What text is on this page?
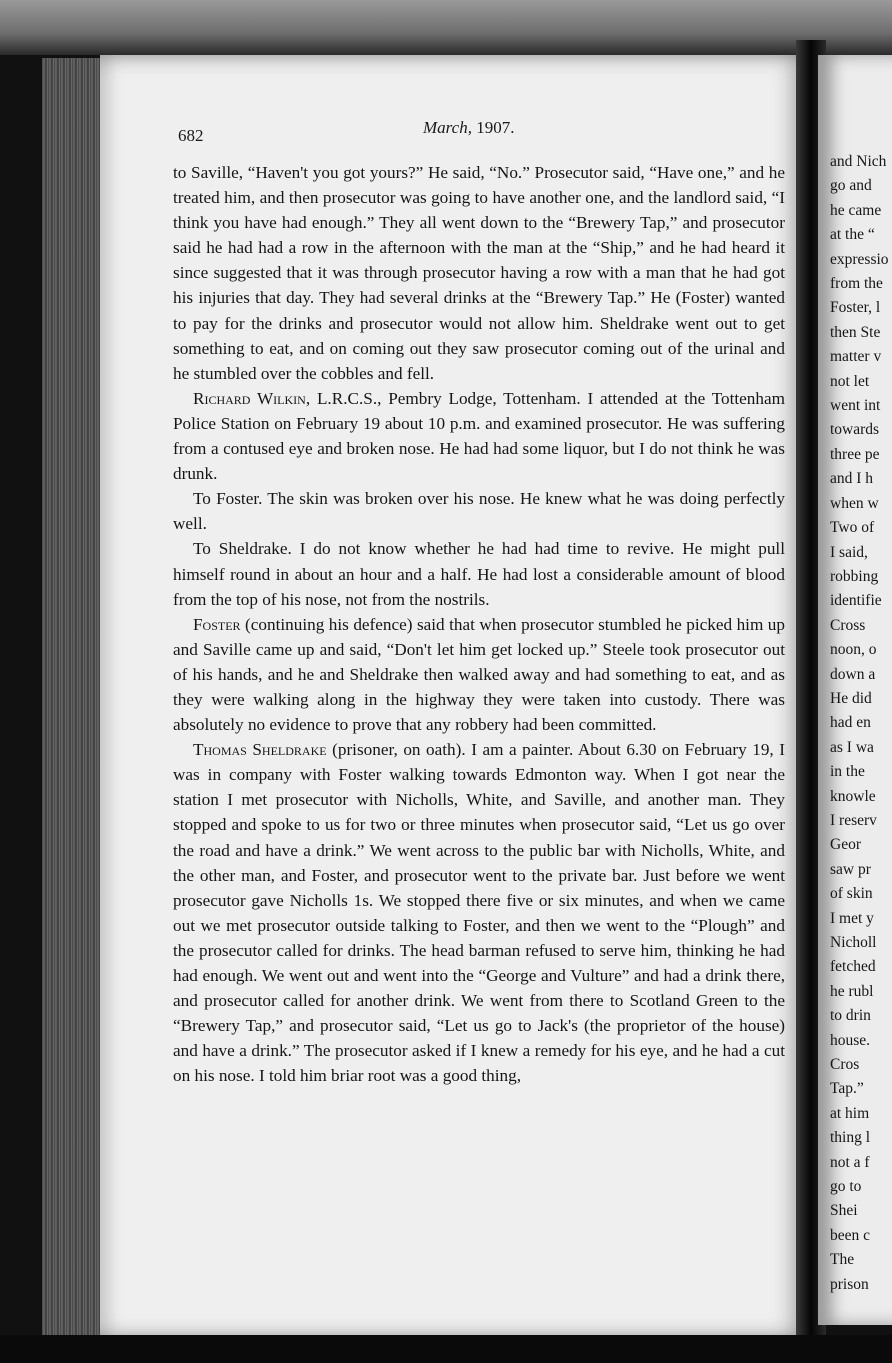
682	March, 1907.

to Saville, “Haven't you got yours?” He said, “No.” Prosecutor said, “Have one,” and he treated him, and then prosecutor was going to have another one, and the landlord said, “I think you have had enough.” They all went down to the “Brewery Tap,” and prosecutor said he had had a row in the afternoon with the man at the “Ship,” and he had heard it since suggested that it was through prosecutor having a row with a man that he had got his injuries that day. They had several drinks at the “Brewery Tap.” He (Foster) wanted to pay for the drinks and prosecutor would not allow him. Sheldrake went out to get something to eat, and on coming out they saw prosecutor coming out of the urinal and he stumbled over the cobbles and fell.

Richard Wilkin, L.R.C.S., Pembry Lodge, Tottenham. I attended at the Tottenham Police Station on February 19 about 10 p.m. and examined prosecutor. He was suffering from a contused eye and broken nose. He had had some liquor, but I do not think he was drunk.

To Foster. The skin was broken over his nose. He knew what he was doing perfectly well.

To Sheldrake. I do not know whether he had had time to revive. He might pull himself round in about an hour and a half. He had lost a considerable amount of blood from the top of his nose, not from the nostrils.

Foster (continuing his defence) said that when prosecutor stumbled he picked him up and Saville came up and said, “Don't let him get locked up.” Steele took prosecutor out of his hands, and he and Sheldrake then walked away and had something to eat, and as they were walking along in the highway they were taken into custody. There was absolutely no evidence to prove that any robbery had been committed.

Thomas Sheldrake (prisoner, on oath). I am a painter. About 6.30 on February 19, I was in company with Foster walking towards Edmonton way. When I got near the station I met prosecutor with Nicholls, White, and Saville, and another man. They stopped and spoke to us for two or three minutes when prosecutor said, “Let us go over the road and have a drink.” We went across to the public bar with Nicholls, White, and the other man, and Foster, and prosecutor went to the private bar. Just before we went prosecutor gave Nicholls 1s. We stopped there five or six minutes, and when we came out we met prosecutor outside talking to Foster, and then we went to the “Plough” and the prosecutor called for drinks. The head barman refused to serve him, thinking he had had enough. We went out and went into the “George and Vulture” and had a drink there, and prosecutor called for another drink. We went from there to Scotland Green to the “Brewery Tap,” and prosecutor said, “Let us go to Jack's (the proprietor of the house) and have a drink.” The prosecutor asked if I knew a remedy for his eye, and he had a cut on his nose. I told him briar root was a good thing,

and Nich
go and
he came
at the “
expressio
from the
Foster, l
then Ste
matter v
not let
went int
towards
three pe
and I h
when w
Two of
I said,
robbing
identifie
Cross
noon, o
down a
He did
had en
as I wa
in the
knowle
I reserv
Geor
saw pr
of skin
I met y
Nicholl
fetched
he rubl
to drin
house.
Cros
Tap.”
at him
thing l
not a f
go to
Shei
been c
The
prison
